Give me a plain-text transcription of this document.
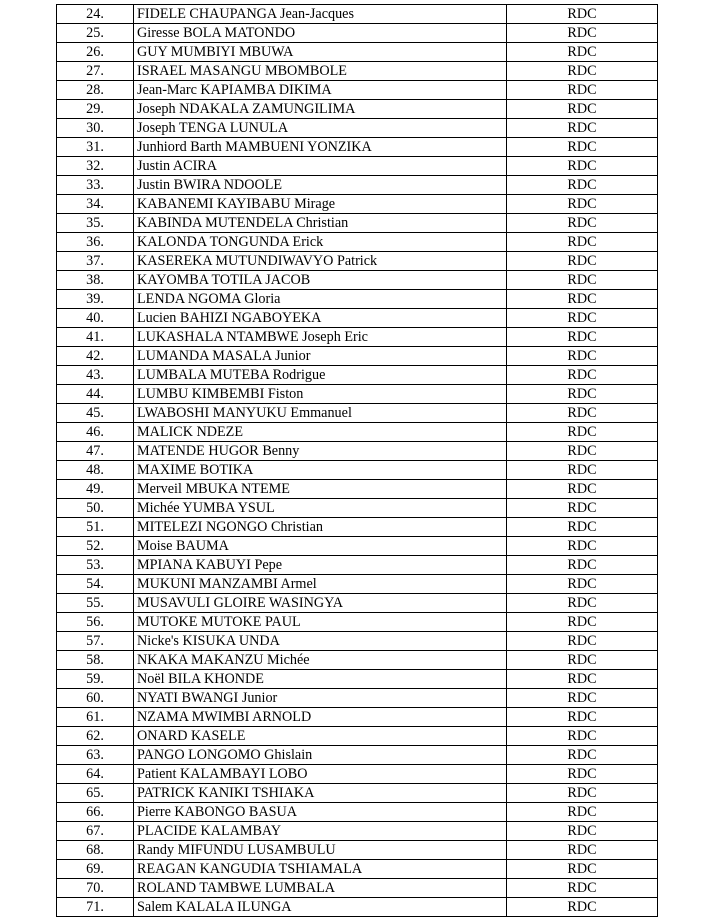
24.	FIDELE CHAUPANGA Jean-Jacques	RDC
25.	Giresse BOLA MATONDO	RDC
26.	GUY MUMBIYI MBUWA	RDC
27.	ISRAEL MASANGU MBOMBOLE	RDC
28.	Jean-Marc KAPIAMBA DIKIMA	RDC
29.	Joseph NDAKALA ZAMUNGILIMA	RDC
30.	Joseph TENGA LUNULA	RDC
31.	Junhiord Barth MAMBUENI YONZIKA	RDC
32.	Justin ACIRA	RDC
33.	Justin BWIRA NDOOLE	RDC
34.	KABANEMI KAYIBABU Mirage	RDC
35.	KABINDA MUTENDELA Christian	RDC
36.	KALONDA TONGUNDA Erick	RDC
37.	KASEREKA MUTUNDIWAVYO Patrick	RDC
38.	KAYOMBA TOTILA JACOB	RDC
39.	LENDA NGOMA Gloria	RDC
40.	Lucien BAHIZI NGABOYEKA	RDC
41.	LUKASHALA NTAMBWE Joseph Eric	RDC
42.	LUMANDA MASALA Junior	RDC
43.	LUMBALA MUTEBA Rodrigue	RDC
44.	LUMBU KIMBEMBI Fiston	RDC
45.	LWABOSHI MANYUKU Emmanuel	RDC
46.	MALICK NDEZE	RDC
47.	MATENDE HUGOR Benny	RDC
48.	MAXIME BOTIKA	RDC
49.	Merveil MBUKA NTEME	RDC
50.	Michée YUMBA YSUL	RDC
51.	MITELEZI NGONGO Christian	RDC
52.	Moise BAUMA	RDC
53.	MPIANA KABUYI Pepe	RDC
54.	MUKUNI MANZAMBI Armel	RDC
55.	MUSAVULI GLOIRE WASINGYA	RDC
56.	MUTOKE MUTOKE PAUL	RDC
57.	Nicke's KISUKA UNDA	RDC
58.	NKAKA MAKANZU Michée	RDC
59.	Noël BILA KHONDE	RDC
60.	NYATI BWANGI Junior	RDC
61.	NZAMA MWIMBI ARNOLD	RDC
62.	ONARD KASELE	RDC
63.	PANGO LONGOMO Ghislain	RDC
64.	Patient KALAMBAYI LOBO	RDC
65.	PATRICK KANIKI TSHIAKA	RDC
66.	Pierre KABONGO BASUA	RDC
67.	PLACIDE KALAMBAY	RDC
68.	Randy MIFUNDU LUSAMBULU	RDC
69.	REAGAN KANGUDIA TSHIAMALA	RDC
70.	ROLAND TAMBWE LUMBALA	RDC
71.	Salem KALALA ILUNGA	RDC
